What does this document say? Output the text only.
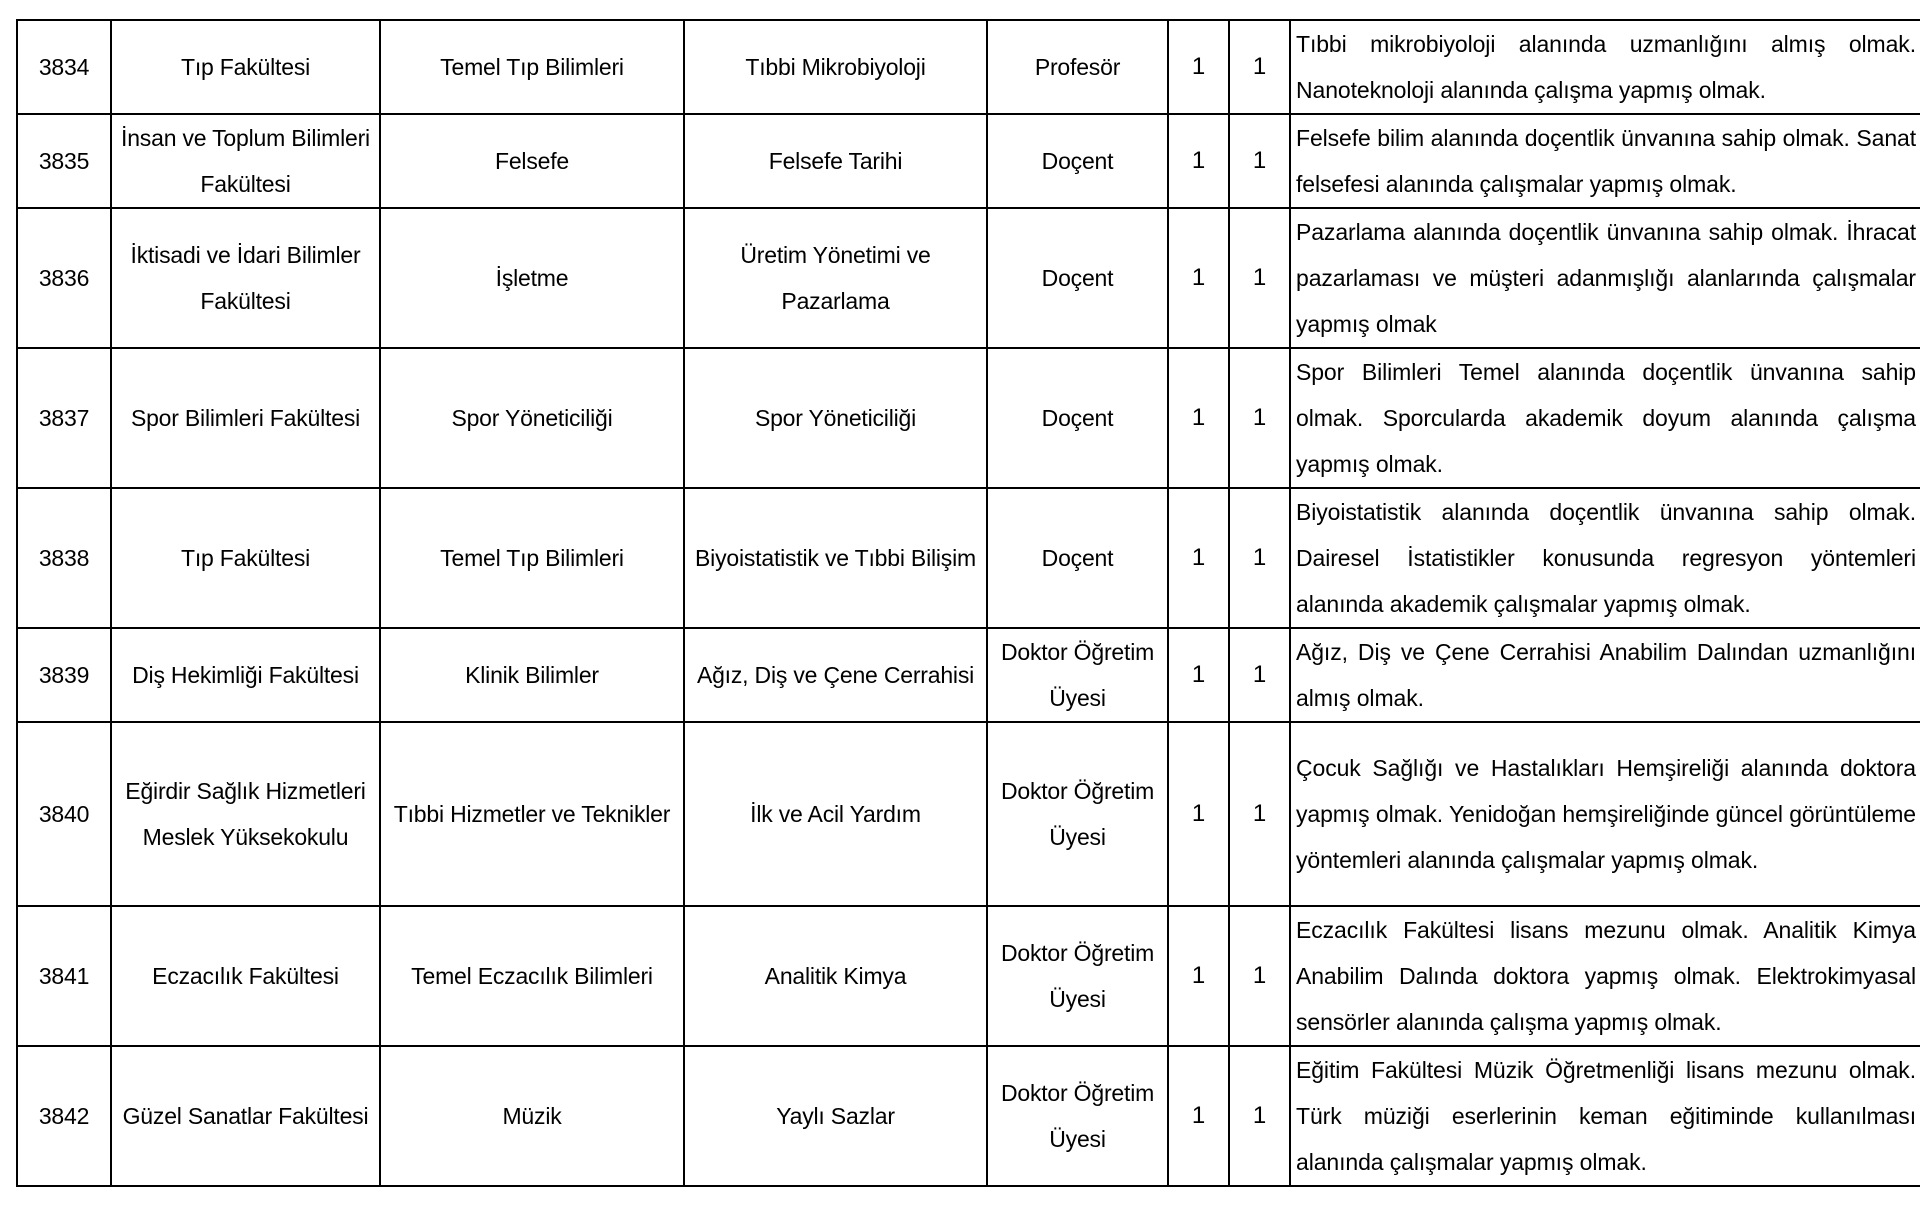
3834	Tıp Fakültesi	Temel Tıp Bilimleri	Tıbbi Mikrobiyoloji	Profesör	1	1	Tıbbi mikrobiyoloji alanında uzmanlığını almış olmak. Nanoteknoloji alanında çalışma yapmış olmak.
3835	İnsan ve Toplum Bilimleri Fakültesi	Felsefe	Felsefe Tarihi	Doçent	1	1	Felsefe bilim alanında doçentlik ünvanına sahip olmak. Sanat felsefesi alanında çalışmalar yapmış olmak.
3836	İktisadi ve İdari Bilimler Fakültesi	İşletme	Üretim Yönetimi ve Pazarlama	Doçent	1	1	Pazarlama alanında doçentlik ünvanına sahip olmak. İhracat pazarlaması ve müşteri adanmışlığı alanlarında çalışmalar yapmış olmak
3837	Spor Bilimleri Fakültesi	Spor Yöneticiliği	Spor Yöneticiliği	Doçent	1	1	Spor Bilimleri Temel alanında doçentlik ünvanına sahip olmak. Sporcularda akademik doyum alanında çalışma yapmış olmak.
3838	Tıp Fakültesi	Temel Tıp Bilimleri	Biyoistatistik ve Tıbbi Bilişim	Doçent	1	1	Biyoistatistik alanında doçentlik ünvanına sahip olmak. Dairesel İstatistikler konusunda regresyon yöntemleri alanında akademik çalışmalar yapmış olmak.
3839	Diş Hekimliği Fakültesi	Klinik Bilimler	Ağız, Diş ve Çene Cerrahisi	Doktor Öğretim Üyesi	1	1	Ağız, Diş ve Çene Cerrahisi Anabilim Dalından uzmanlığını almış olmak.
3840	Eğirdir Sağlık Hizmetleri Meslek Yüksekokulu	Tıbbi Hizmetler ve Teknikler	İlk ve Acil Yardım	Doktor Öğretim Üyesi	1	1	Çocuk Sağlığı ve Hastalıkları Hemşireliği alanında doktora yapmış olmak. Yenidoğan hemşireliğinde güncel görüntüleme yöntemleri alanında çalışmalar yapmış olmak.
3841	Eczacılık Fakültesi	Temel Eczacılık Bilimleri	Analitik Kimya	Doktor Öğretim Üyesi	1	1	Eczacılık Fakültesi lisans mezunu olmak. Analitik Kimya Anabilim Dalında doktora yapmış olmak. Elektrokimyasal sensörler alanında çalışma yapmış olmak.
3842	Güzel Sanatlar Fakültesi	Müzik	Yaylı Sazlar	Doktor Öğretim Üyesi	1	1	Eğitim Fakültesi Müzik Öğretmenliği lisans mezunu olmak. Türk müziği eserlerinin keman eğitiminde kullanılması alanında çalışmalar yapmış olmak.
